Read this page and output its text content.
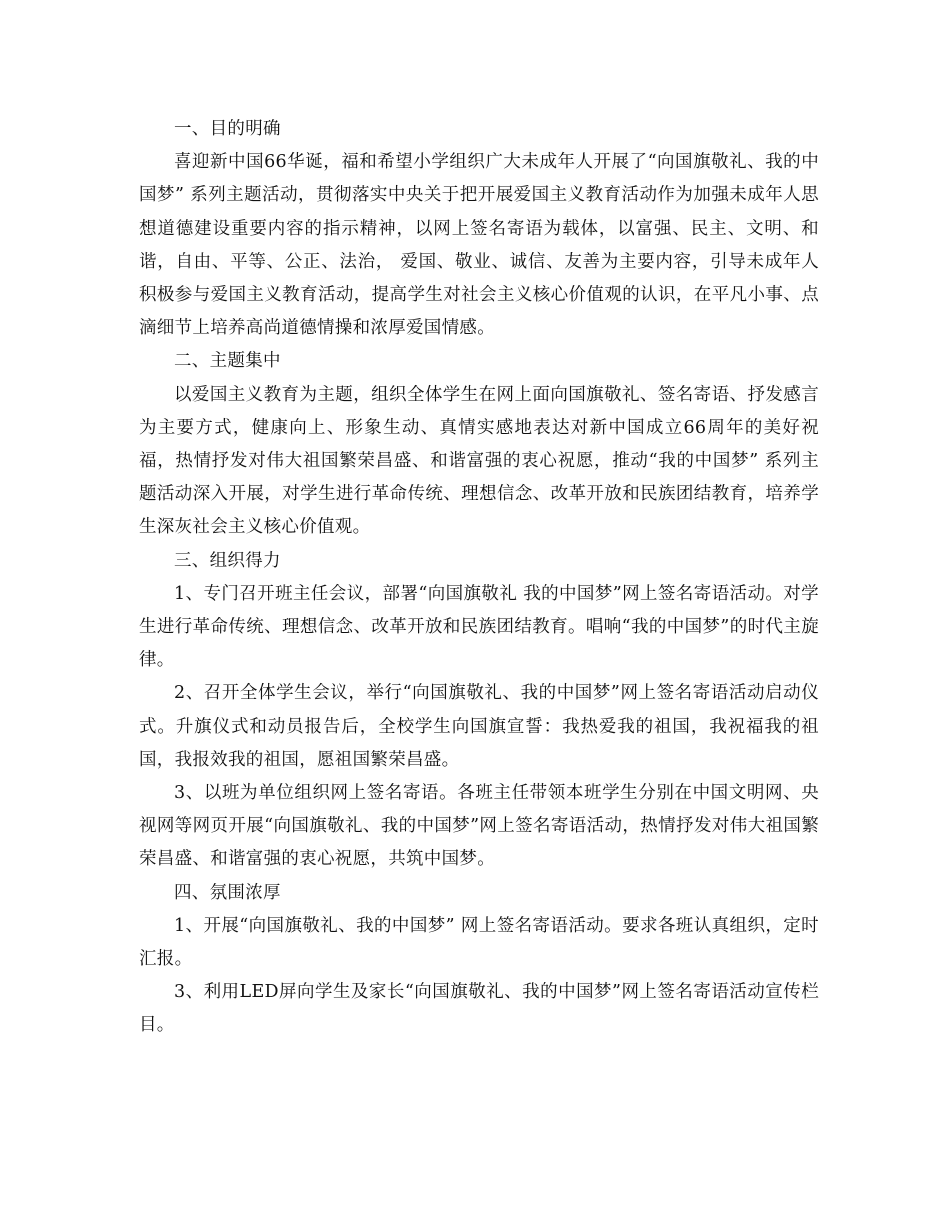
一、目的明确

喜迎新中国66华诞，福和希望小学组织广大未成年人开展了“向国旗敬礼、我的中国梦” 系列主题活动，贯彻落实中央关于把开展爱国主义教育活动作为加强未成年人思想道德建设重要内容的指示精神，以网上签名寄语为载体，以富强、民主、文明、和谐，自由、平等、公正、法治， 爱国、敬业、诚信、友善为主要内容，引导未成年人积极参与爱国主义教育活动，提高学生对社会主义核心价值观的认识，在平凡小事、点滴细节上培养高尚道德情操和浓厚爱国情感。

二、主题集中

以爱国主义教育为主题，组织全体学生在网上面向国旗敬礼、签名寄语、抒发感言为主要方式，健康向上、形象生动、真情实感地表达对新中国成立66周年的美好祝福，热情抒发对伟大祖国繁荣昌盛、和谐富强的衷心祝愿，推动“我的中国梦” 系列主题活动深入开展，对学生进行革命传统、理想信念、改革开放和民族团结教育，培养学生深灰社会主义核心价值观。

三、组织得力

1、专门召开班主任会议，部署“向国旗敬礼 我的中国梦”网上签名寄语活动。对学生进行革命传统、理想信念、改革开放和民族团结教育。唱响“我的中国梦”的时代主旋律。

2、召开全体学生会议，举行“向国旗敬礼、我的中国梦”网上签名寄语活动启动仪式。升旗仪式和动员报告后，全校学生向国旗宣誓：我热爱我的祖国，我祝福我的祖国，我报效我的祖国，愿祖国繁荣昌盛。

3、以班为单位组织网上签名寄语。各班主任带领本班学生分别在中国文明网、央视网等网页开展“向国旗敬礼、我的中国梦”网上签名寄语活动，热情抒发对伟大祖国繁荣昌盛、和谐富强的衷心祝愿，共筑中国梦。

四、氛围浓厚

1、开展“向国旗敬礼、我的中国梦” 网上签名寄语活动。要求各班认真组织，定时汇报。

3、利用LED屏向学生及家长“向国旗敬礼、我的中国梦”网上签名寄语活动宣传栏目。
